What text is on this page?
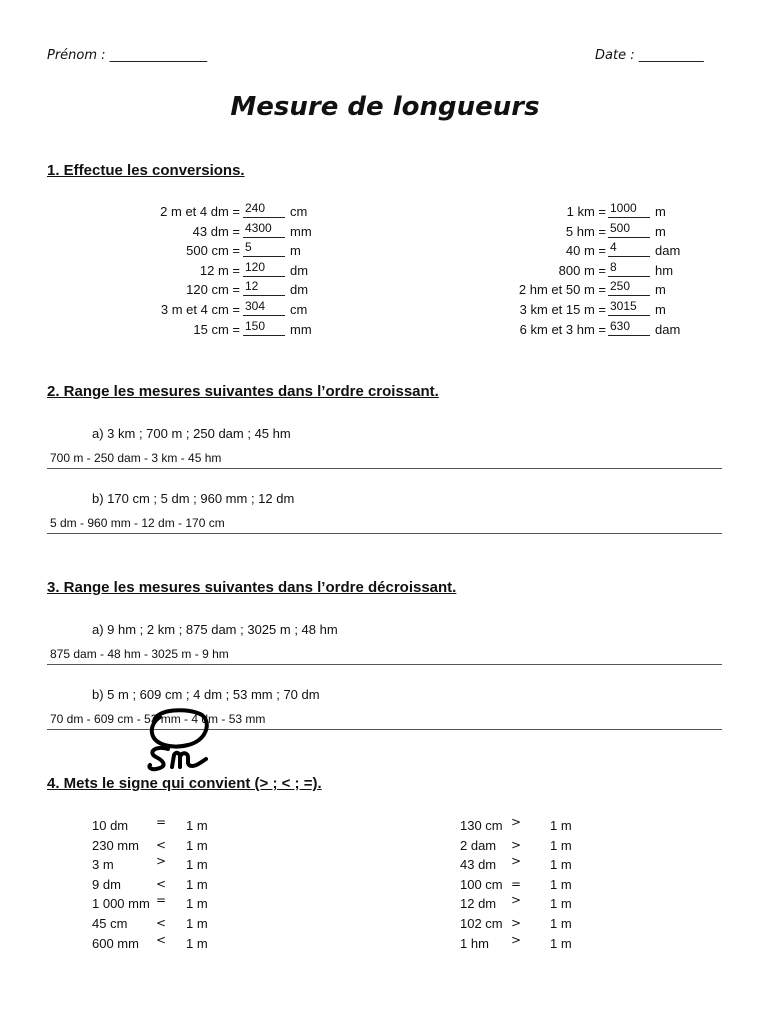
Prénom : _______________	Date : __________
Mesure de longueurs
1. Effectue les conversions.
2 m et 4 dm = 240 cm
43 dm = 4300 mm
500 cm = 5	m
12 m = 120 dm
120 cm = 12 dm
3 m et 4 cm = 304 cm
15 cm = 150 mm
1 km = 1000 m
5 hm = 500 m
40 m = 4	dam
800 m = 8	hm
2 hm et 50 m = 250 m
3 km et 15 m = 3015 m
6 km et 3 hm = 630 dam
2. Range les mesures suivantes dans l’ordre croissant.
a) 3 km ; 700 m ; 250 dam ; 45 hm
700 m - 250 dam - 3 km - 45 hm
b) 170 cm ; 5 dm ; 960 mm ; 12 dm
5 dm - 960 mm - 12 dm - 170 cm
3. Range les mesures suivantes dans l’ordre décroissant.
a) 9 hm ; 2 km ; 875 dam ; 3025 m ; 48 hm
875 dam - 48 hm - 3025 m - 9 hm
b) 5 m ; 609 cm ; 4 dm ; 53 mm ; 70 dm
70 dm - 609 cm - 53 mm - 4 dm - 53 mm
4. Mets le signe qui convient (> ; < ; =).
10 dm = 1 m
230 mm < 1 m
3 m	> 1 m
9 dm	< 1 m
1 000 mm = 1 m
45 cm < 1 m
600 mm < 1 m
130 cm > 1 m
2 dam > 1 m
43 dm > 1 m
100 cm = 1 m
12 dm > 1 m
102 cm > 1 m
1 hm > 1 m
